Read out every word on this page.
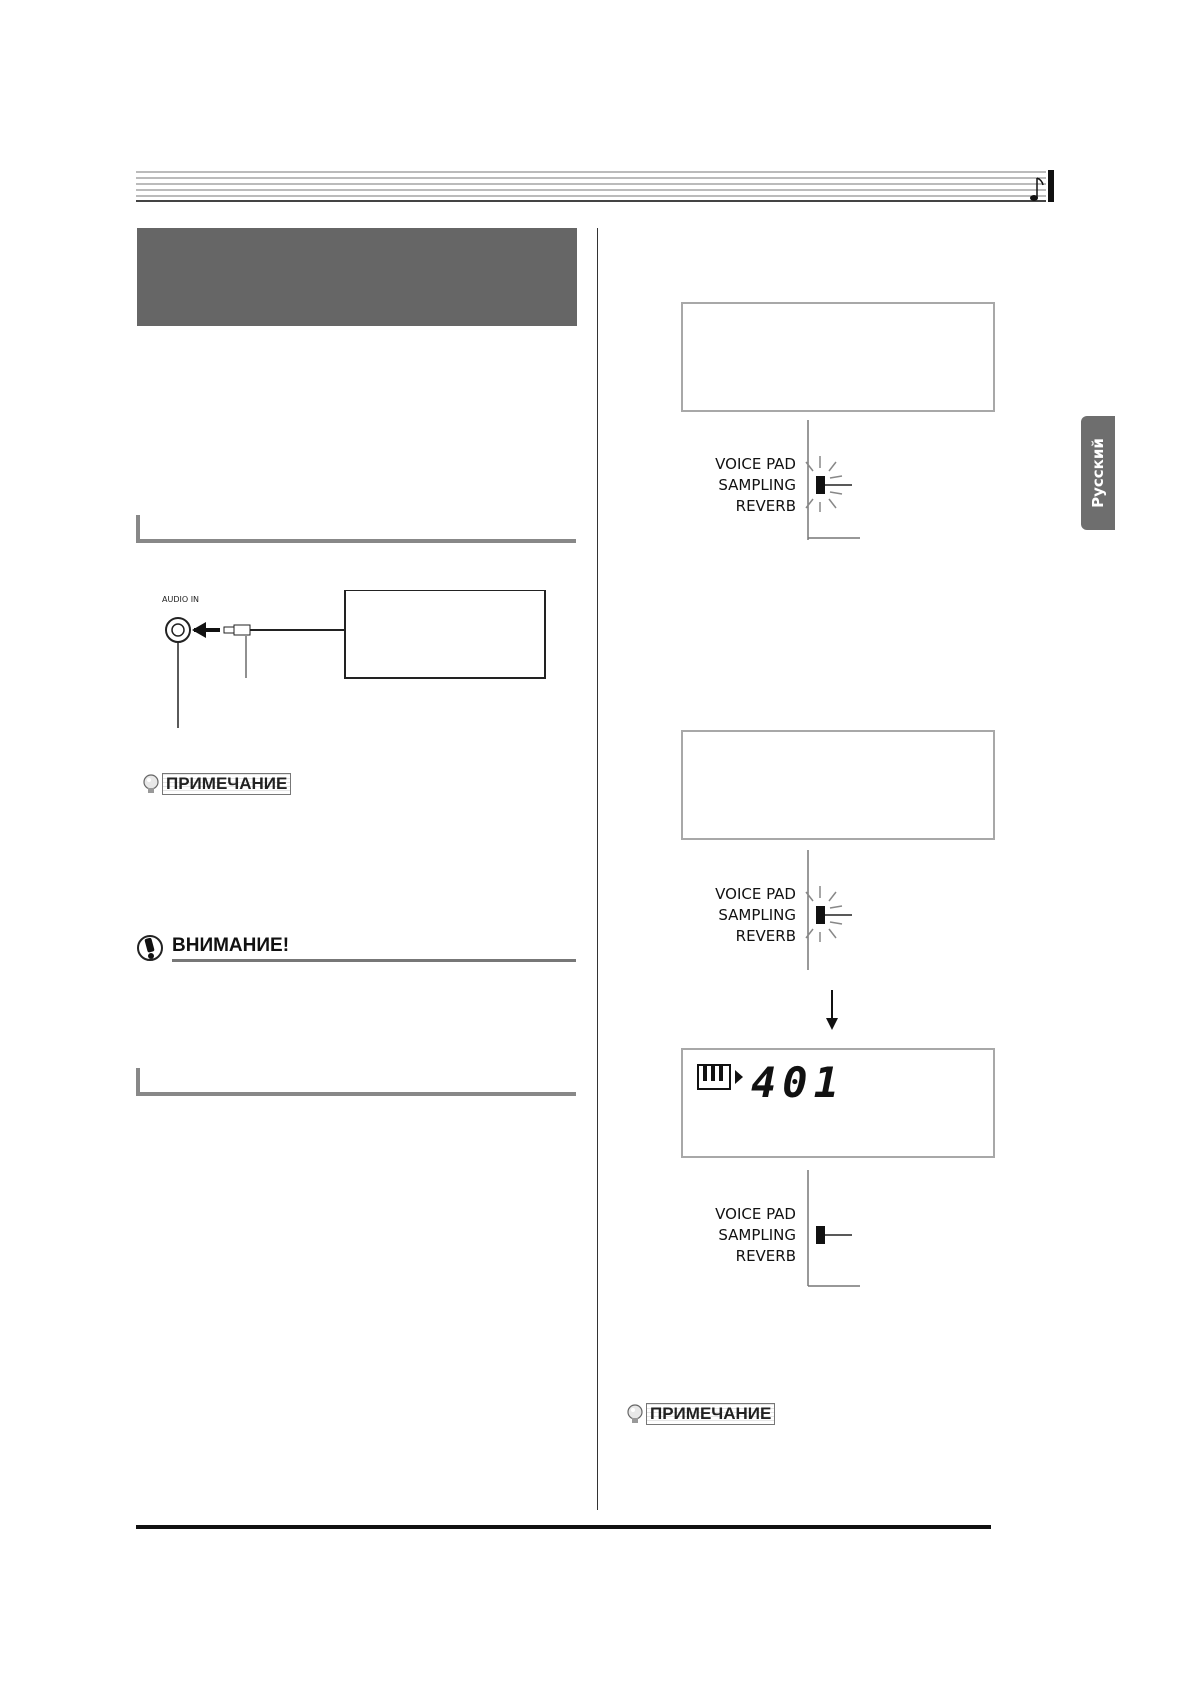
Русский
AUDIO IN
ПРИМЕЧАНИЕ
ВНИМАНИЕ!
VOICE PAD
SAMPLING
REVERB
VOICE PAD
SAMPLING
REVERB
401
VOICE PAD
SAMPLING
REVERB
ПРИМЕЧАНИЕ
